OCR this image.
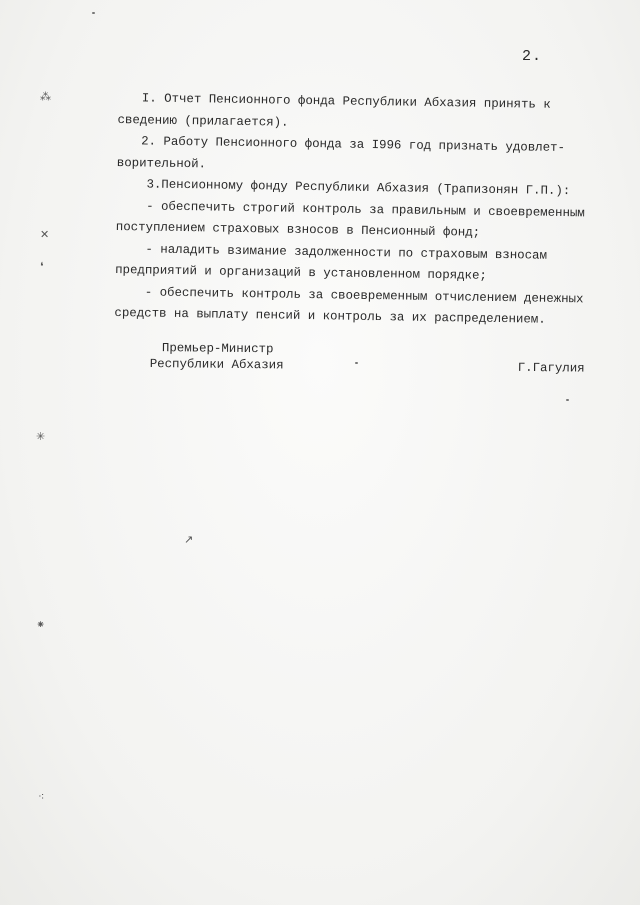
2.
I. Отчет Пенсионного фонда Республики Абхазия принять к
сведению (прилагается).
2. Работу Пенсионного фонда за I996 год признать удовлет-
ворительной.
3.Пенсионному фонду Республики Абхазия (Трапизонян Г.П.):
- обеспечить строгий контроль за правильным и своевременным
поступлением страховых взносов в Пенсионный фонд;
- наладить взимание задолженности по страховым взносам
предприятий и организаций в установленном порядке;
- обеспечить контроль за своевременным отчислением денежных
средств на выплату пенсий и контроль за их распределением.
Премьер-Министр
Республики Абхазия	Г.Гагулия
⁂
✕
❛
✳
⁕
⁖
↗
